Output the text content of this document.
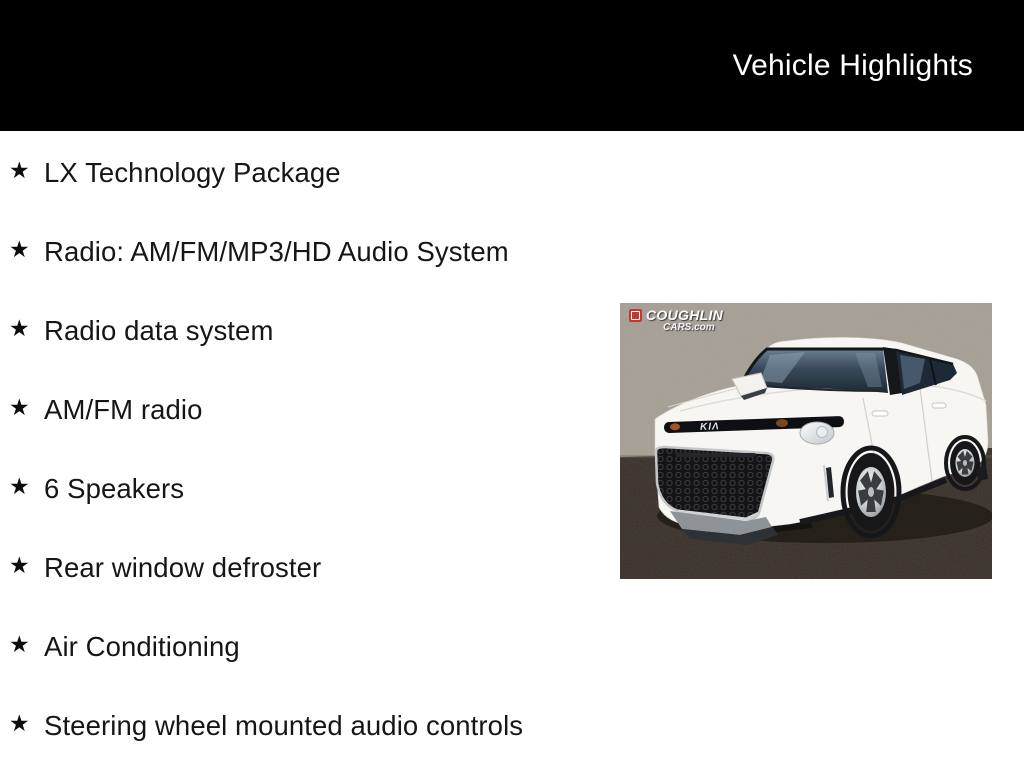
Vehicle Highlights
★ LX Technology Package
★ Radio: AM/FM/MP3/HD Audio System
★ Radio data system
★ AM/FM radio
★ 6 Speakers
★ Rear window defroster
★ Air Conditioning
★ Steering wheel mounted audio controls
KIΛ
COUGHLIN
CARS.com
